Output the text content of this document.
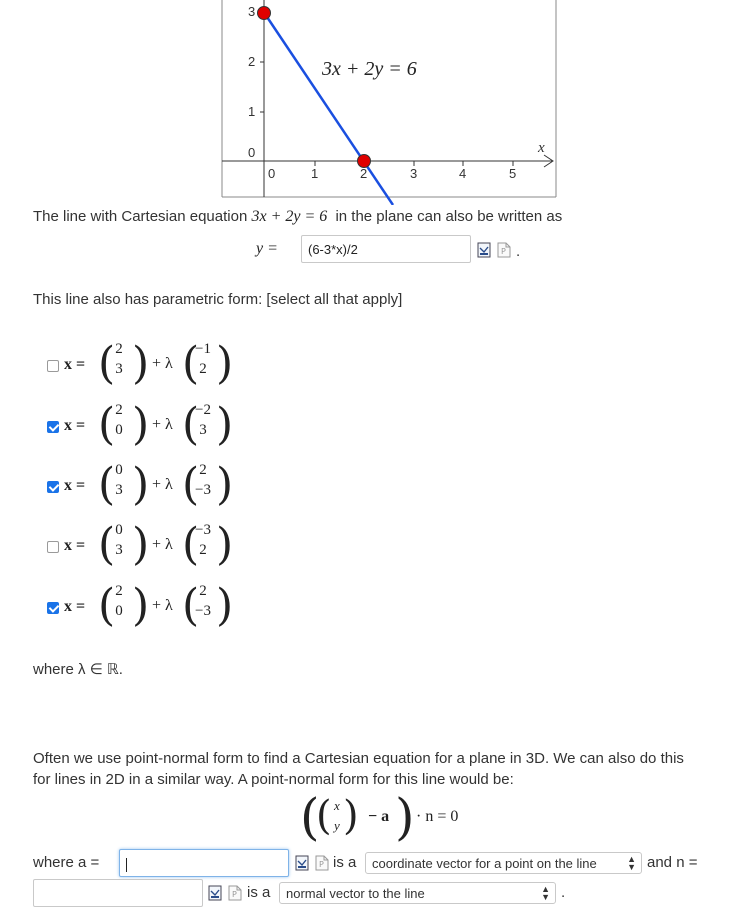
3
2
1
0
0	1	2	3	4	5
x
3x + 2y = 6
The line with Cartesian equation 3x + 2y = 6 in the plane can also be written as
y =	(6-3*x)/2	P .
This line also has parametric form: [select all that apply]
x = ( 2
3 ) + λ (
−1
2 )
x = ( 2
0 ) + λ (
−2
3 )
x = ( 0
3 ) + λ ( 2
−3 )
x = ( 0
3 ) + λ (
−3
2 )
x = ( 2
0 ) + λ ( 2
−3 )
where λ ∈ ℝ.
Often we use point-normal form to find a Cartesian equation for a plane in 3D. We can also do this
for lines in 2D in a similar way. A point-normal form for this line would be:
(
( x
y ) − a ) · n = 0
where a =	P is a	coordinate vector for a point on the line	▲
▼ and n =
P is a	normal vector to the line	▲
▼ .
